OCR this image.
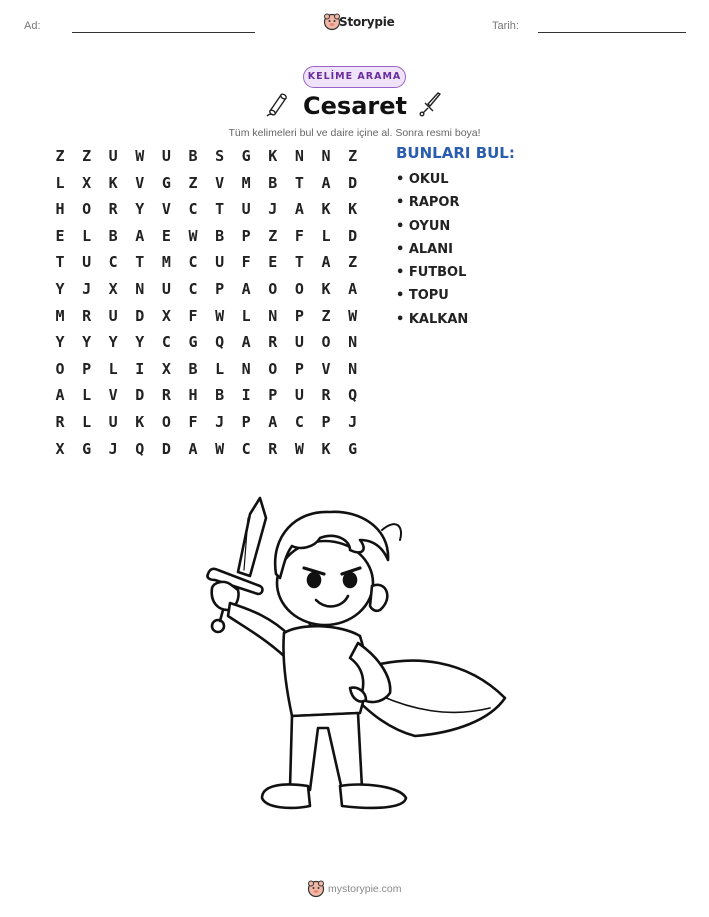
Ad:	Storypie	Tarih:
KELİME ARAMA
Cesaret
Tüm kelimeleri bul ve daire içine al. Sonra resmi boya!
Z	Z	U	W	U	B	S	G	K	N	N	Z
L	X	K	V	G	Z	V	M	B	T	A	D
H	O	R	Y	V	C	T	U	J	A	K	K
E	L	B	A	E	W	B	P	Z	F	L	D
T	U	C	T	M	C	U	F	E	T	A	Z
Y	J	X	N	U	C	P	A	O	O	K	A
M	R	U	D	X	F	W	L	N	P	Z	W
Y	Y	Y	Y	C	G	Q	A	R	U	O	N
O	P	L	I	X	B	L	N	O	P	V	N
A	L	V	D	R	H	B	I	P	U	R	Q
R	L	U	K	O	F	J	P	A	C	P	J
X	G	J	Q	D	A	W	C	R	W	K	G
BUNLARI BUL:
• OKUL
• RAPOR
• OYUN
• ALANI
• FUTBOL
• TOPU
• KALKAN
mystorypie.com
